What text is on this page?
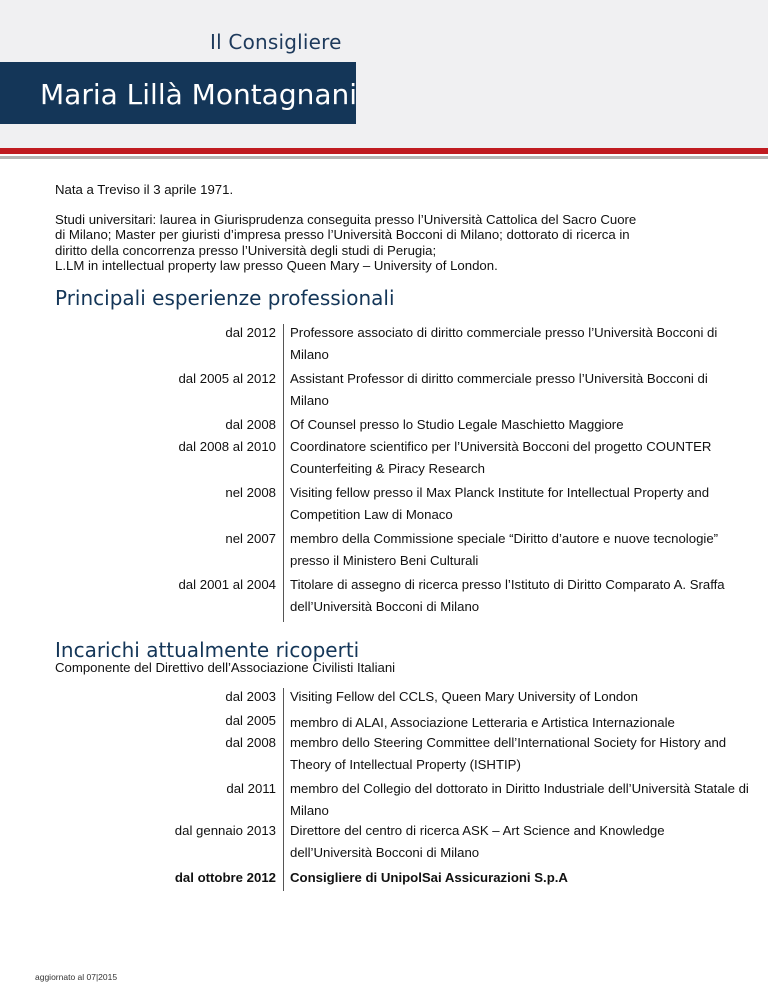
Il Consigliere
Maria Lillà Montagnani

Nata a Treviso il 3 aprile 1971.

Studi universitari: laurea in Giurisprudenza conseguita presso l’Università Cattolica del Sacro Cuore

di Milano; Master per giuristi d’impresa presso l’Università Bocconi di Milano; dottorato di ricerca in

diritto della concorrenza presso l’Università degli studi di Perugia;

L.LM in intellectual property law presso Queen Mary – University of London.

Principali esperienze professionali
dal 2012 Professore associato di diritto commerciale presso l’Università Bocconi di Milano
dal 2005 al 2012 Assistant Professor di diritto commerciale presso l’Università Bocconi di Milano
dal 2008 Of Counsel presso lo Studio Legale Maschietto Maggiore
dal 2008 al 2010 Coordinatore scientifico per l’Università Bocconi del progetto COUNTER Counterfeiting & Piracy Research
nel 2008 Visiting fellow presso il Max Planck Institute for Intellectual Property and Competition Law di Monaco
nel 2007 membro della Commissione speciale “Diritto d’autore e nuove tecnologie” presso il Ministero Beni Culturali
dal 2001 al 2004 Titolare di assegno di ricerca presso l’Istituto di Diritto Comparato A. Sraffa dell’Università Bocconi di Milano
Incarichi attualmente ricoperti
Componente del Direttivo dell’Associazione Civilisti Italiani
dal 2003 Visiting Fellow del CCLS, Queen Mary University of London
dal 2005 membro di ALAI, Associazione Letteraria e Artistica Internazionale
dal 2008 membro dello Steering Committee dell’International Society for History and Theory of Intellectual Property (ISHTIP)
dal 2011 membro del Collegio del dottorato in Diritto Industriale dell’Università Statale di Milano
dal gennaio 2013 Direttore del centro di ricerca ASK – Art Science and Knowledge dell’Università Bocconi di Milano
dal ottobre 2012 Consigliere di UnipolSai Assicurazioni S.p.A
aggiornato al 07|2015
